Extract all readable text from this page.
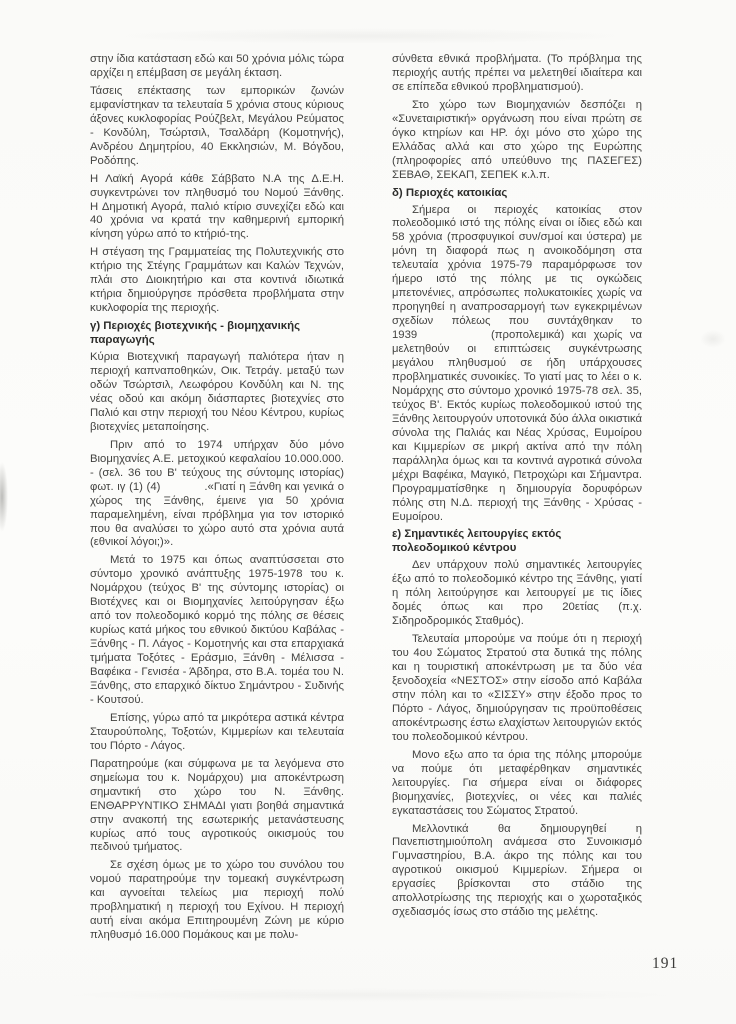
στην ίδια κατάσταση εδώ και 50 χρόνια μόλις τώρα αρχίζει η επέμβαση σε μεγάλη έκταση.

Τάσεις επέκτασης των εμπορικών ζωνών εμφανίστηκαν τα τελευταία 5 χρόνια στους κύριους άξονες κυκλοφορίας Ρούζβελτ, Μεγάλου Ρεύματος - Κονδύλη, Τσώρτσιλ, Τσαλδάρη (Κομοτηνής), Ανδρέου Δημητρίου, 40 Εκκλησιών, Μ. Βόγδου, Ροδόπης.

Η Λαϊκή Αγορά κάθε Σάββατο Ν.Α της Δ.Ε.Η. συγκεντρώνει τον πληθυσμό του Νομού Ξάνθης. Η Δημοτική Αγορά, παλιό κτίριο συνεχίζει εδώ και 40 χρόνια να κρατά την καθημερινή εμπορική κίνηση γύρω από το κτήριό-της.

Η στέγαση της Γραμματείας της Πολυτεχνικής στο κτήριο της Στέγης Γραμμάτων και Καλών Τεχνών, πλάι στο Διοικητήριο και στα κοντινά ιδιωτικά κτήρια δημιούργησε πρόσθετα προβλήματα στην κυκλοφορία της περιοχής.

γ) Περιοχές βιοτεχνικής - βιομηχανικής παραγωγής

Κύρια Βιοτεχνική παραγωγή παλιότερα ήταν η περιοχή καπναποθηκών, Οικ. Τετράγ. μεταξύ των οδών Τσώρτσιλ, Λεωφόρου Κονδύλη και Ν. της νέας οδού και ακόμη διάσπαρτες βιοτεχνίες στο Παλιό και στην περιοχή του Νέου Κέντρου, κυρίως βιοτεχνίες μεταποίησης.

Πριν από το 1974 υπήρχαν δύο μόνο Βιομηχανίες Α.Ε. μετοχικού κεφαλαίου 10.000.000. - (σελ. 36 του Β' τεύχους της σύντομης ιστορίας) φωτ. ιγ (1) (4)            .«Γιατί η Ξάνθη και γενικά ο χώρος της Ξάνθης, έμεινε για 50 χρόνια παραμελημένη, είναι πρόβλημα για τον ιστορικό που θα αναλύσει το χώρο αυτό στα χρόνια αυτά (εθνικοί λόγοι;)».

Μετά το 1975 και όπως αναπτύσσεται στο σύντομο χρονικό ανάπτυξης 1975-1978 του κ. Νομάρχου (τεύχος Β' της σύντομης ιστορίας) οι Βιοτέχνες και οι Βιομηχανίες λειτούργησαν έξω από τον πολεοδομικό κορμό της πόλης σε θέσεις κυρίως κατά μήκος του εθνικού δικτύου Καβάλας - Ξάνθης - Π. Λάγος - Κομοτηνής και στα επαρχιακά τμήματα Τοξότες - Εράσμιο, Ξάνθη - Μέλισσα - Βαφέικα - Γενισέα - Άβδηρα, στο Β.Α. τομέα του Ν. Ξάνθης, στο επαρχικό δίκτυο Σημάντρου - Συδινής - Κουτσού.

Επίσης, γύρω από τα μικρότερα αστικά κέντρα Σταυρούπολης, Τοξοτών, Κιμμερίων και τελευταία του Πόρτο - Λάγος.

Παρατηρούμε (και σύμφωνα με τα λεγόμενα στο σημείωμα του κ. Νομάρχου) μια αποκέντρωση σημαντική στο χώρο του Ν. Ξάνθης. ΕΝΘΑΡΡΥΝΤΙΚΟ ΣΗΜΑΔΙ γιατι βοηθά σημαντικά στην ανακοπή της εσωτερικής μετανάστευσης κυρίως από τους αγροτικούς οικισμούς του πεδινού τμήματος.

Σε σχέση όμως με το χώρο του συνόλου του νομού παρατηρούμε την τομεακή συγκέντρωση και αγνοείται τελείως μια περιοχή πολύ προβληματική η περιοχή του Εχίνου. Η περιοχή αυτή είναι ακόμα Επιτηρουμένη Ζώνη με κύριο πληθυσμό 16.000 Πομάκους και με πολυ-

σύνθετα εθνικά προβλήματα. (Το πρόβλημα της περιοχής αυτής πρέπει να μελετηθεί ιδιαίτερα και σε επίπεδα εθνικού προβληματισμού).

Στο χώρο των Βιομηχανιών δεσπόζει η «Συνεταιριστική» οργάνωση που είναι πρώτη σε όγκο κτηρίων και ΗΡ. όχι μόνο στο χώρο της Ελλάδας αλλά και στο χώρο της Ευρώπης (πληροφορίες από υπεύθυνο της ΠΑΣΕΓΕΣ) ΣΕΒΑΘ, ΣΕΚΑΠ, ΣΕΠΕΚ κ.λ.π.

δ) Περιοχές κατοικίας

Σήμερα οι περιοχές κατοικίας στον πολεοδομικό ιστό της πόλης είναι οι ίδιες εδώ και 58 χρόνια (προσφυγικοί συν/σμοί και ύστερα) με μόνη τη διαφορά πως η ανοικοδόμηση στα τελευταία χρόνια 1975-79 παραμόρφωσε τον ήμερο ιστό της πόλης με τις ογκώδεις μπετονένιες, απρόσωπες πολυκατοικίες χωρίς να προηγηθεί η αναπροσαρμογή των εγκεκριμένων σχεδίων πόλεως που συντάχθηκαν το 1939          (προπολεμικά) και χωρίς να μελετηθούν οι επιπτώσεις συγκέντρωσης μεγάλου πληθυσμού σε ήδη υπάρχουσες προβληματικές συνοικίες. Το γιατί μας το λέει ο κ. Νομάρχης στο σύντομο χρονικό 1975-78 σελ. 35, τεύχος Β'. Εκτός κυρίως πολεοδομικού ιστού της Ξάνθης λειτουργούν υποτονικά δύο άλλα οικιστικά σύνολα της Παλιάς και Νέας Χρύσας, Ευμοίρου και Κιμμερίων σε μικρή ακτίνα από την πόλη παράλληλα όμως και τα κοντινά αγροτικά σύνολα μέχρι Βαφέικα, Μαγικό, Πετροχώρι και Σήμαντρα. Προγραμματίσθηκε η δημιουργία δορυφόρων πόλης στη Ν.Δ. περιοχή της Ξάνθης - Χρύσας - Ευμοίρου.

ε) Σημαντικές λειτουργίες εκτός πολεοδομικού κέντρου

Δεν υπάρχουν πολύ σημαντικές λειτουργίες έξω από το πολεοδομικό κέντρο της Ξάνθης, γιατί η πόλη λειτούργησε και λειτουργεί με τις ίδιες δομές όπως και προ 20ετίας (π.χ. Σιδηροδρομικός Σταθμός).

Τελευταία μπορούμε να πούμε ότι η περιοχή του 4ου Σώματος Στρατού στα δυτικά της πόλης και η τουριστική αποκέντρωση με τα δύο νέα ξενοδοχεία «ΝΕΣΤΟΣ» στην είσοδο από Καβάλα στην πόλη και το «ΣΙΣΣΥ» στην έξοδο προς το Πόρτο - Λάγος, δημιούργησαν τις προϋποθέσεις αποκέντρωσης έστω ελαχίστων λειτουργιών εκτός του πολεοδομικού κέντρου.

Μονο εξω απο τα όρια της πόλης μπορούμε να πούμε ότι μεταφέρθηκαν σημαντικές λειτουργίες. Για σήμερα είναι οι διάφορες βιομηχανίες, βιοτεχνίες, οι νέες και παλιές εγκαταστάσεις του Σώματος Στρατού.

Μελλοντικά θα δημιουργηθεί η Πανεπιστημιούπολη ανάμεσα στο Συνοικισμό Γυμναστηρίου, Β.Α. άκρο της πόλης και του αγροτικού οικισμού Κιμμερίων. Σήμερα οι εργασίες βρίσκονται στο στάδιο της απολλοτρίωσης της περιοχής και ο χωροταξικός σχεδιασμός ίσως στο στάδιο της μελέτης.

191
